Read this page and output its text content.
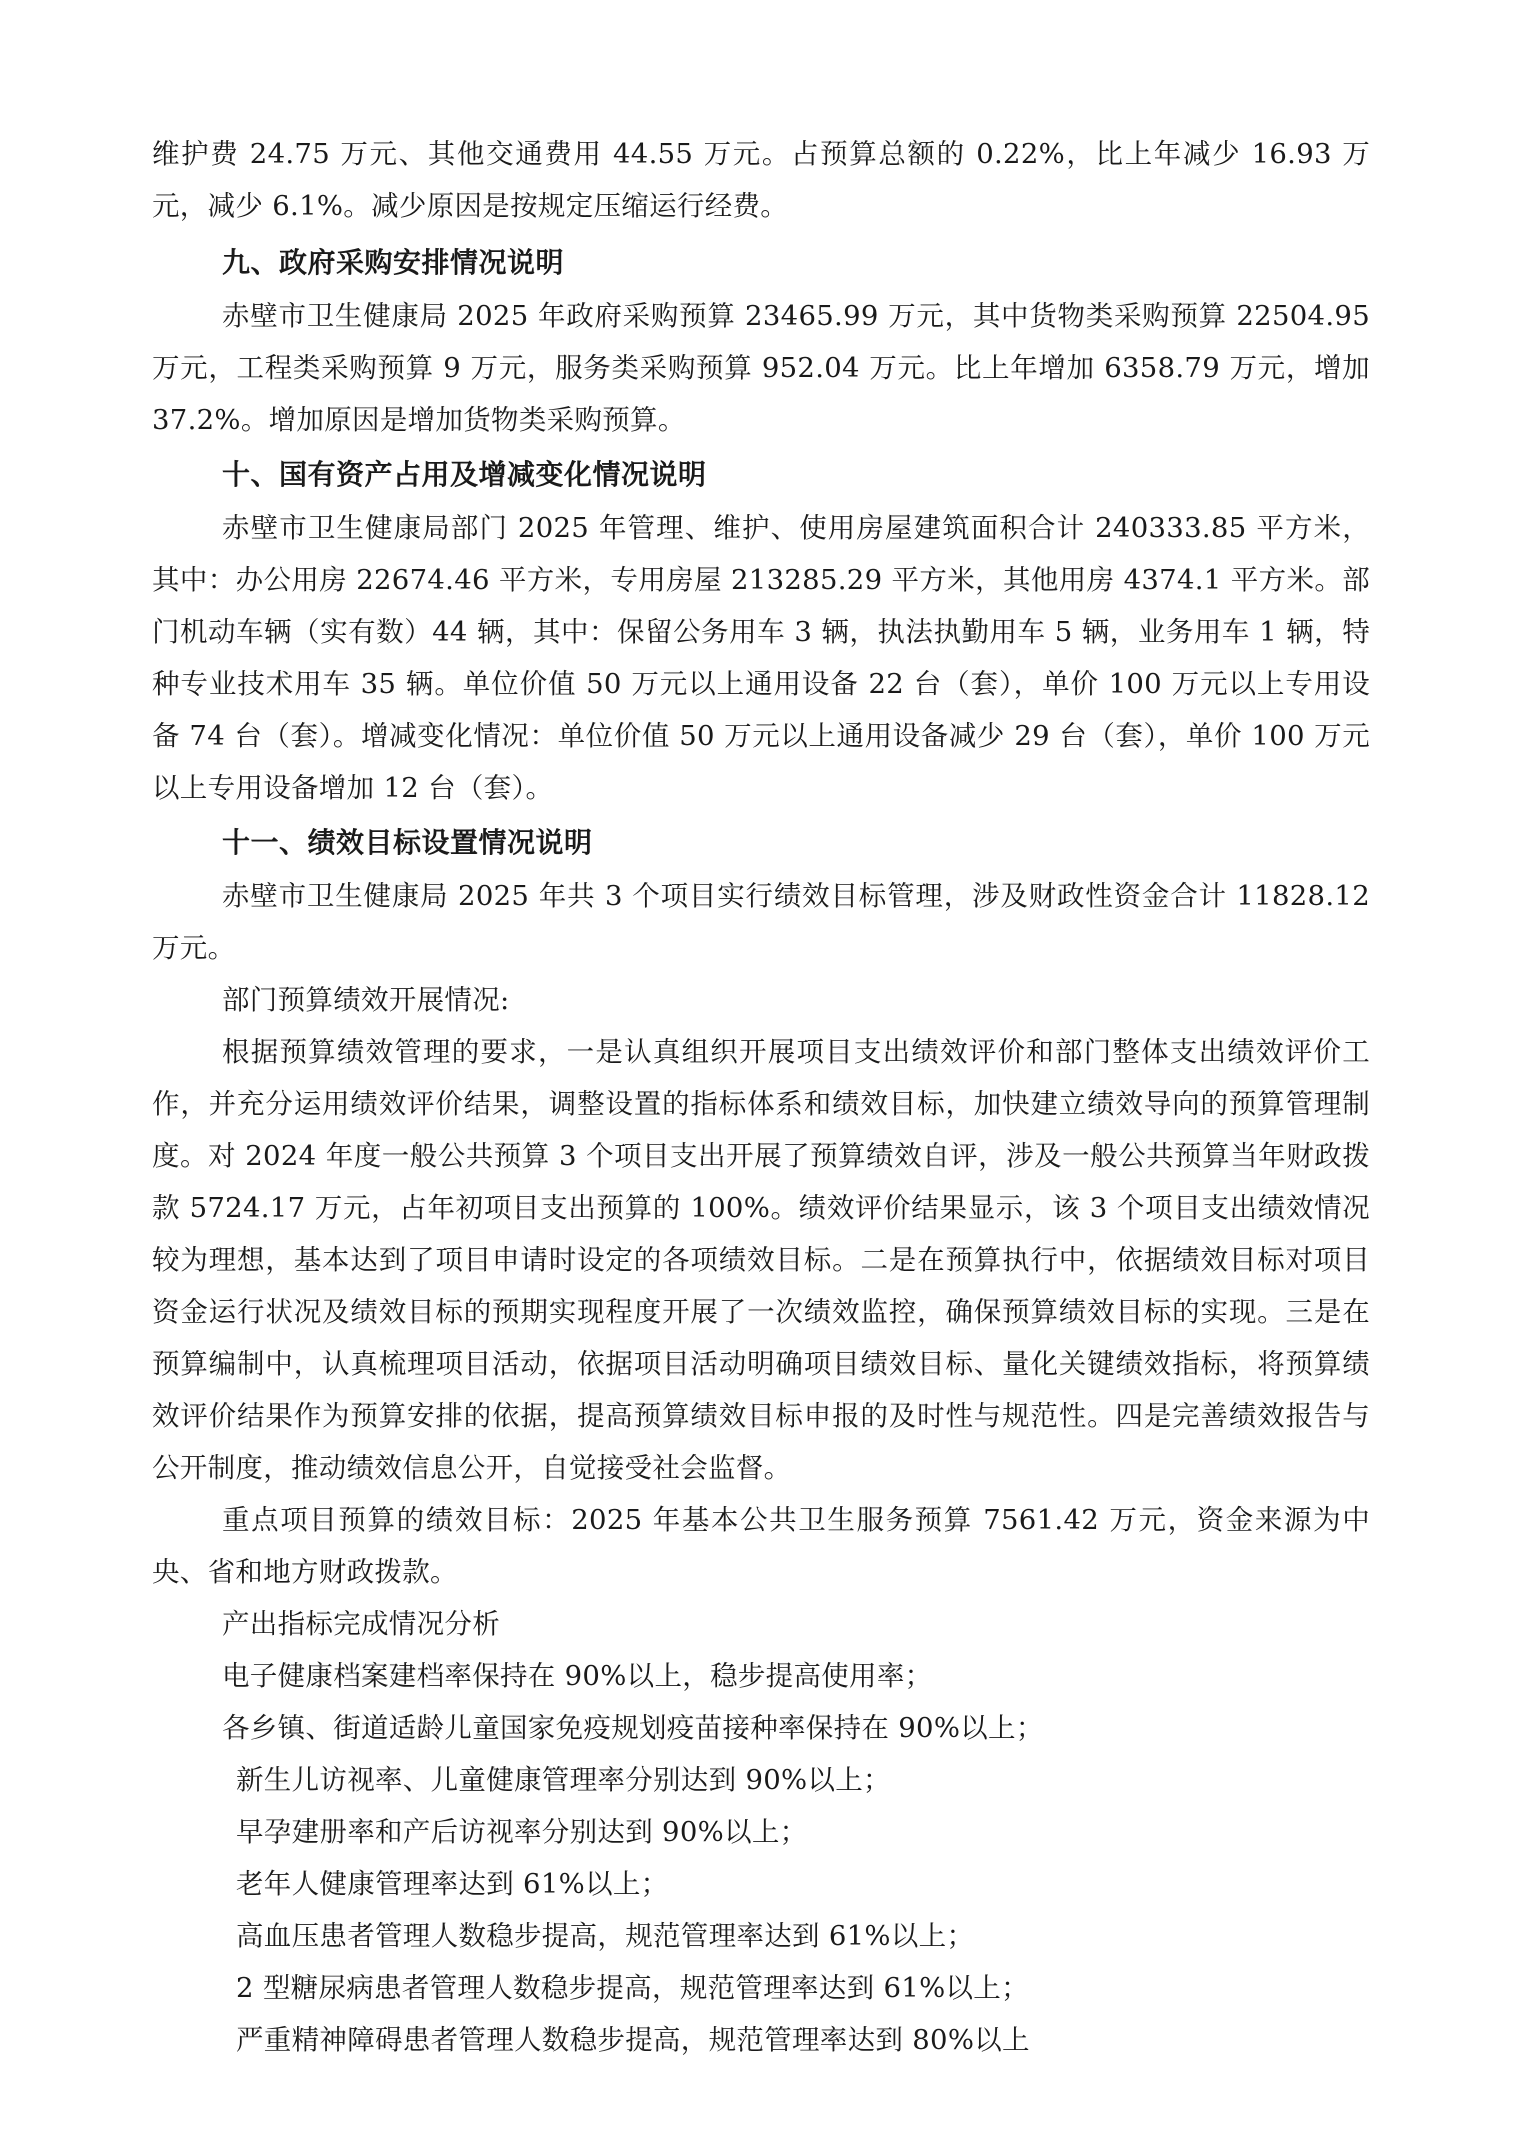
维护费 24.75 万元、其他交通费用 44.55 万元。占预算总额的 0.22%，比上年减少 16.93 万元，减少 6.1%。减少原因是按规定压缩运行经费。

九、政府采购安排情况说明

赤壁市卫生健康局 2025 年政府采购预算 23465.99 万元，其中货物类采购预算 22504.95 万元，工程类采购预算 9 万元，服务类采购预算 952.04 万元。比上年增加 6358.79 万元，增加 37.2%。增加原因是增加货物类采购预算。

十、国有资产占用及增减变化情况说明

赤壁市卫生健康局部门 2025 年管理、维护、使用房屋建筑面积合计 240333.85 平方米，其中：办公用房 22674.46 平方米，专用房屋 213285.29 平方米，其他用房 4374.1 平方米。部门机动车辆（实有数）44 辆，其中：保留公务用车 3 辆，执法执勤用车 5 辆，业务用车 1 辆，特种专业技术用车 35 辆。单位价值 50 万元以上通用设备 22 台（套），单价 100 万元以上专用设备 74 台（套）。增减变化情况：单位价值 50 万元以上通用设备减少 29 台（套），单价 100 万元以上专用设备增加 12 台（套）。

十一、绩效目标设置情况说明

赤壁市卫生健康局 2025 年共 3 个项目实行绩效目标管理，涉及财政性资金合计 11828.12 万元。

部门预算绩效开展情况:

根据预算绩效管理的要求，一是认真组织开展项目支出绩效评价和部门整体支出绩效评价工作，并充分运用绩效评价结果，调整设置的指标体系和绩效目标，加快建立绩效导向的预算管理制度。对 2024 年度一般公共预算 3 个项目支出开展了预算绩效自评，涉及一般公共预算当年财政拨款 5724.17 万元，占年初项目支出预算的 100%。绩效评价结果显示，该 3 个项目支出绩效情况较为理想，基本达到了项目申请时设定的各项绩效目标。二是在预算执行中，依据绩效目标对项目资金运行状况及绩效目标的预期实现程度开展了一次绩效监控，确保预算绩效目标的实现。三是在预算编制中，认真梳理项目活动，依据项目活动明确项目绩效目标、量化关键绩效指标，将预算绩效评价结果作为预算安排的依据，提高预算绩效目标申报的及时性与规范性。四是完善绩效报告与公开制度，推动绩效信息公开，自觉接受社会监督。

重点项目预算的绩效目标：2025 年基本公共卫生服务预算 7561.42 万元，资金来源为中央、省和地方财政拨款。

产出指标完成情况分析

电子健康档案建档率保持在 90%以上，稳步提高使用率；

各乡镇、街道适龄儿童国家免疫规划疫苗接种率保持在 90%以上；

新生儿访视率、儿童健康管理率分别达到 90%以上；

早孕建册率和产后访视率分别达到 90%以上；

老年人健康管理率达到 61%以上；

高血压患者管理人数稳步提高，规范管理率达到 61%以上；

2 型糖尿病患者管理人数稳步提高，规范管理率达到 61%以上；

严重精神障碍患者管理人数稳步提高，规范管理率达到 80%以上
